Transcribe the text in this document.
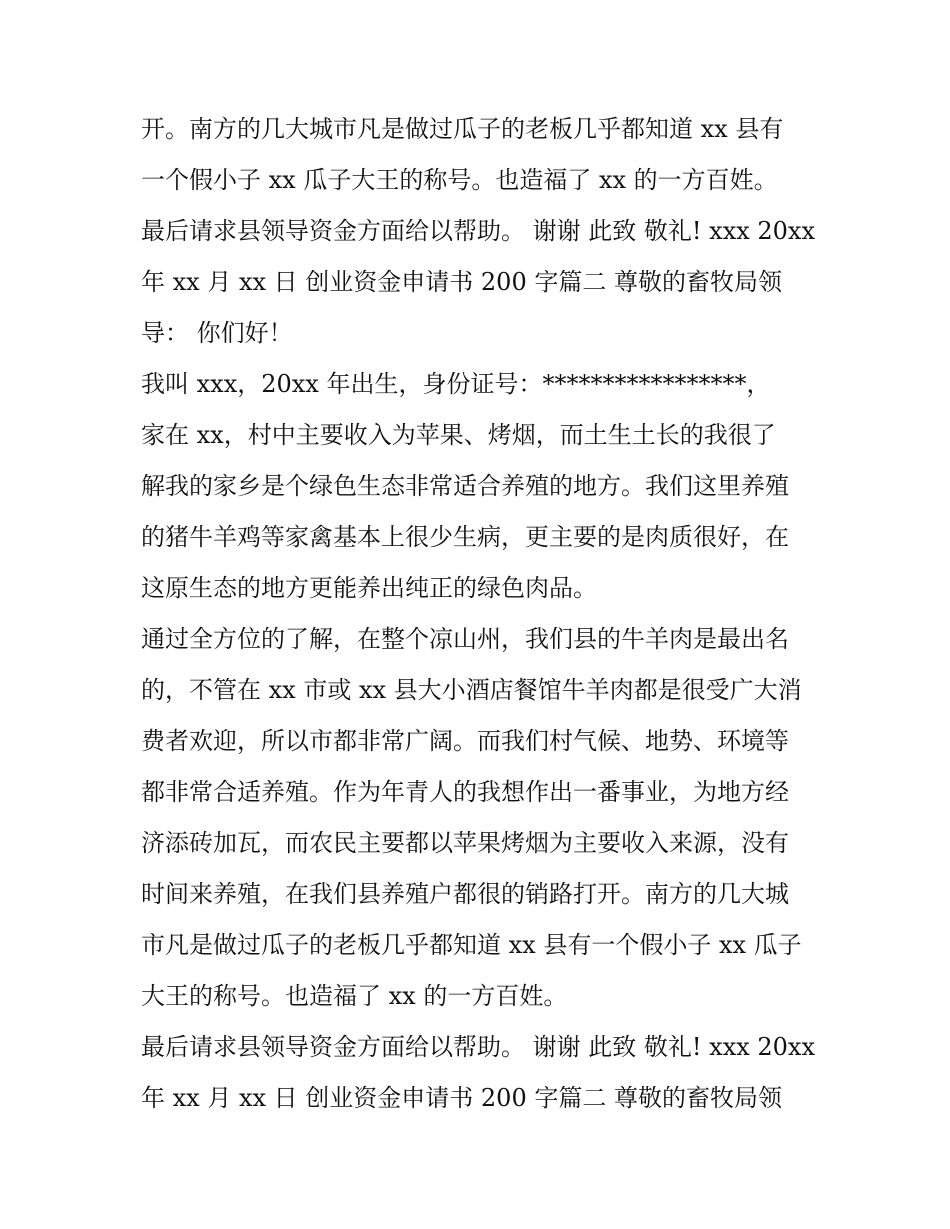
开。南方的几大城市凡是做过瓜子的老板几乎都知道 xx 县有
一个假小子 xx 瓜子大王的称号。也造福了 xx 的一方百姓。
最后请求县领导资金方面给以帮助。 谢谢 此致 敬礼! xxx 20xx
年 xx 月 xx 日 创业资金申请书 200 字篇二 尊敬的畜牧局领
导： 你们好！
我叫 xxx，20xx 年出生，身份证号：*****************，
家在 xx，村中主要收入为苹果、烤烟，而土生土长的我很了
解我的家乡是个绿色生态非常适合养殖的地方。我们这里养殖
的猪牛羊鸡等家禽基本上很少生病，更主要的是肉质很好，在
这原生态的地方更能养出纯正的绿色肉品。
通过全方位的了解，在整个凉山州，我们县的牛羊肉是最出名
的，不管在 xx 市或 xx 县大小酒店餐馆牛羊肉都是很受广大消
费者欢迎，所以市都非常广阔。而我们村气候、地势、环境等
都非常合适养殖。作为年青人的我想作出一番事业，为地方经
济添砖加瓦，而农民主要都以苹果烤烟为主要收入来源，没有
时间来养殖，在我们县养殖户都很的销路打开。南方的几大城
市凡是做过瓜子的老板几乎都知道 xx 县有一个假小子 xx 瓜子
大王的称号。也造福了 xx 的一方百姓。
最后请求县领导资金方面给以帮助。 谢谢 此致 敬礼! xxx 20xx
年 xx 月 xx 日 创业资金申请书 200 字篇二 尊敬的畜牧局领
